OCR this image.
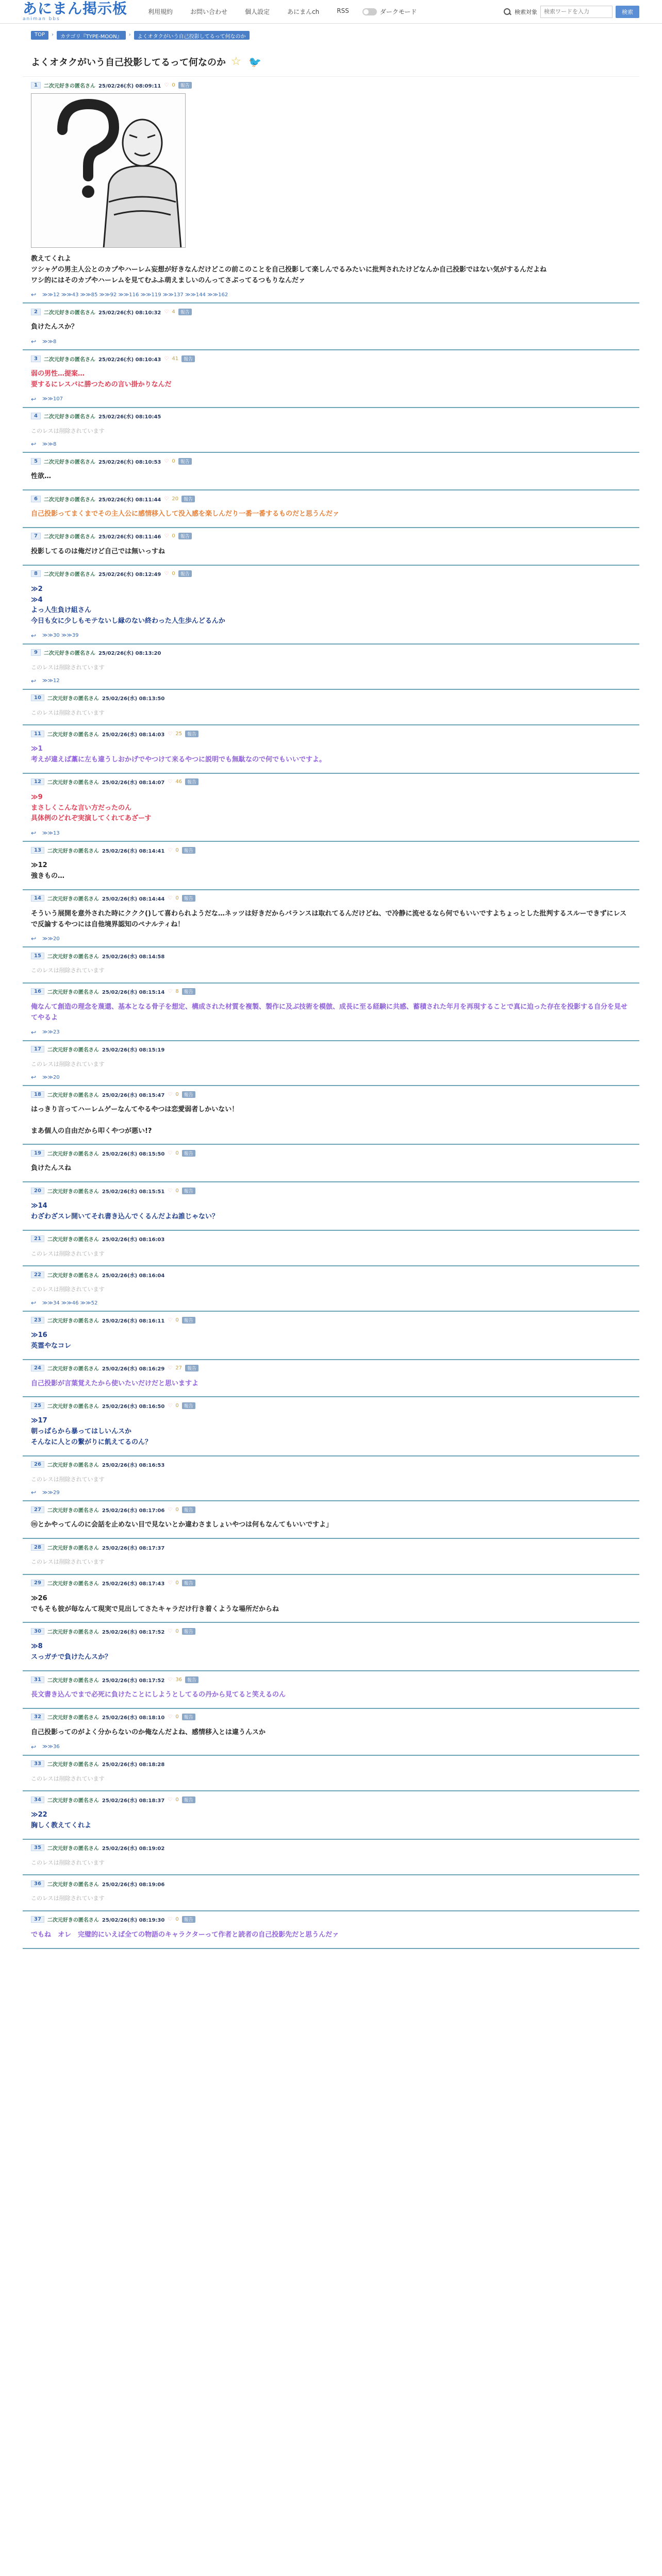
あにまん掲示板
animan bbs
利用規約	お問い合わせ	個人設定	あにまんch	RSS	ダークモード	検索対象
検索ワードを入力	検索
TOP	›	カテゴリ『TYPE-MOON』	›	よくオタクがいう自己投影してるって何なのか
よくオタクがいう自己投影してるって何なのか ☆ 🐦
1	二次元好きの匿名さん 25/02/26(水) 08:09:11 ♡ 0	報告
教えてくれよ
ツシャゲの男主人公とのカプやハーレム妄想が好きなんだけどこの前このことを自己投影して楽しんでるみたいに批判されたけどなんか自己投影ではない気がするんだよね
ワシ的にはそのカプやハーレムを見てむふふ萌えましいのんってさぷってるつもりなんだァ
↩	≫≫12 ≫≫43 ≫≫85 ≫≫92 ≫≫116 ≫≫119 ≫≫137 ≫≫144 ≫≫162
2	二次元好きの匿名さん 25/02/26(水) 08:10:32 ♡ 4	報告
負けたんスか？
↩	≫≫8
3	二次元好きの匿名さん 25/02/26(水) 08:10:43 ♡ 41	報告
弱の男性…提案…
要するにレスバに勝つための言い掛かりなんだ
↩	≫≫107
4	二次元好きの匿名さん 25/02/26(水) 08:10:45
このレスは削除されています
↩	≫≫8
5	二次元好きの匿名さん 25/02/26(水) 08:10:53 ♡ 0	報告
性欲…
6	二次元好きの匿名さん 25/02/26(水) 08:11:44 ♡ 20	報告
自己投影ってまくまでその主人公に感情移入して没入感を楽しんだり一番一番するものだと思うんだァ
7	二次元好きの匿名さん 25/02/26(水) 08:11:46 ♡ 0	報告
投影してるのは俺だけど自己では無いっすね
8	二次元好きの匿名さん 25/02/26(水) 08:12:49 ♡ 0	報告
≫2
≫4
よっ人生負け組さん
今日も女に少しもモテないし縁のない終わった人生歩んどるんか
↩	≫≫30 ≫≫39
9	二次元好きの匿名さん 25/02/26(水) 08:13:20
このレスは削除されています
↩	≫≫12
10	二次元好きの匿名さん 25/02/26(水) 08:13:50
このレスは削除されています
11	二次元好きの匿名さん 25/02/26(水) 08:14:03 ♡ 25	報告
≫1
考えが違えば藁に左も違うしおかげでやつけて来るやつに説明でも無駄なので何でもいいですよ。
12	二次元好きの匿名さん 25/02/26(水) 08:14:07 ♡ 46	報告
≫9
まさしくこんな言い方だったのん
具体例のどれぞ実演してくれてあざーす
↩	≫≫13
13	二次元好きの匿名さん 25/02/26(水) 08:14:41 ♡ 0	報告
≫12
強きもの…
14	二次元好きの匿名さん 25/02/26(水) 08:14:44 ♡ 0	報告
そういう展開を意外された時にククク()して喜わられようだな…ネッツは好きだからバランスは取れてるんだけどね、で冷静に流せるなら何でもいいですよちょっとした批判するスルーできずにレスで反論するやつには自他境界認知のペナルティね！
↩	≫≫20
15	二次元好きの匿名さん 25/02/26(水) 08:14:58
このレスは削除されています
16	二次元好きの匿名さん 25/02/26(水) 08:15:14 ♡ 8	報告
俺なんて創造の理念を蔑還、基本となる骨子を想定、構成された材質を複製、製作に及ぶ技術を模倣、成長に至る経験に共感、蓄積された年月を再現することで真に迫った存在を投影する自分を見せてやるよ
↩	≫≫23
17	二次元好きの匿名さん 25/02/26(水) 08:15:19
このレスは削除されています
↩	≫≫20
18	二次元好きの匿名さん 25/02/26(水) 08:15:47 ♡ 0	報告
はっきり言ってハーレムゲーなんてやるやつは恋愛弱者しかいない！

まあ個人の自由だから叩くやつが悪い!?
19	二次元好きの匿名さん 25/02/26(水) 08:15:50 ♡ 0	報告
負けたんスね
20	二次元好きの匿名さん 25/02/26(水) 08:15:51 ♡ 0	報告
≫14
わざわざスレ開いてそれ書き込んでくるんだよね誰じゃない？
21	二次元好きの匿名さん 25/02/26(水) 08:16:03
このレスは削除されています
22	二次元好きの匿名さん 25/02/26(水) 08:16:04
このレスは削除されています
↩	≫≫34 ≫≫46 ≫≫52
23	二次元好きの匿名さん 25/02/26(水) 08:16:11 ♡ 0	報告
≫16
英霊やなコレ
24	二次元好きの匿名さん 25/02/26(水) 08:16:29 ♡ 27	報告
自己投影が言葉覚えたから使いたいだけだと思いますよ
25	二次元好きの匿名さん 25/02/26(水) 08:16:50 ♡ 0	報告
≫17
朝っぱらから暴ってはしいんスか
そんなに人との繋がりに飢えてるのん？
26	二次元好きの匿名さん 25/02/26(水) 08:16:53
このレスは削除されています
↩	≫≫29
27	二次元好きの匿名さん 25/02/26(水) 08:17:06 ♡ 0	報告
ⓜとかやってんのに会話を止めない目で見ないとか違わさましょいやつは何もなんてもいいですよ」
28	二次元好きの匿名さん 25/02/26(水) 08:17:37
このレスは削除されています
29	二次元好きの匿名さん 25/02/26(水) 08:17:43 ♡ 0	報告
≫26
でもそも彼が毎なんて現実で見出してさたキャラだけ行き着くような場所だからね
30	二次元好きの匿名さん 25/02/26(水) 08:17:52 ♡ 0	報告
≫8
スっガチで負けたんスか？
31	二次元好きの匿名さん 25/02/26(水) 08:17:52 ♡ 36	報告
長文書き込んでまで必死に負けたことにしようとしてるの丹から見てると笑えるのん
32	二次元好きの匿名さん 25/02/26(水) 08:18:10 ♡ 0	報告
自己投影ってのがよく分からないのか俺なんだよね、感情移入とは違うんスか
↩	≫≫36
33	二次元好きの匿名さん 25/02/26(水) 08:18:28
このレスは削除されています
34	二次元好きの匿名さん 25/02/26(水) 08:18:37 ♡ 0	報告
≫22
胸しく教えてくれよ
35	二次元好きの匿名さん 25/02/26(水) 08:19:02
このレスは削除されています
36	二次元好きの匿名さん 25/02/26(水) 08:19:06
このレスは削除されています
37	二次元好きの匿名さん 25/02/26(水) 08:19:30 ♡ 0	報告
でもね　オレ　完璧的にいえば全ての物語のキャラクターって作者と読者の自己投影先だと思うんだァ
